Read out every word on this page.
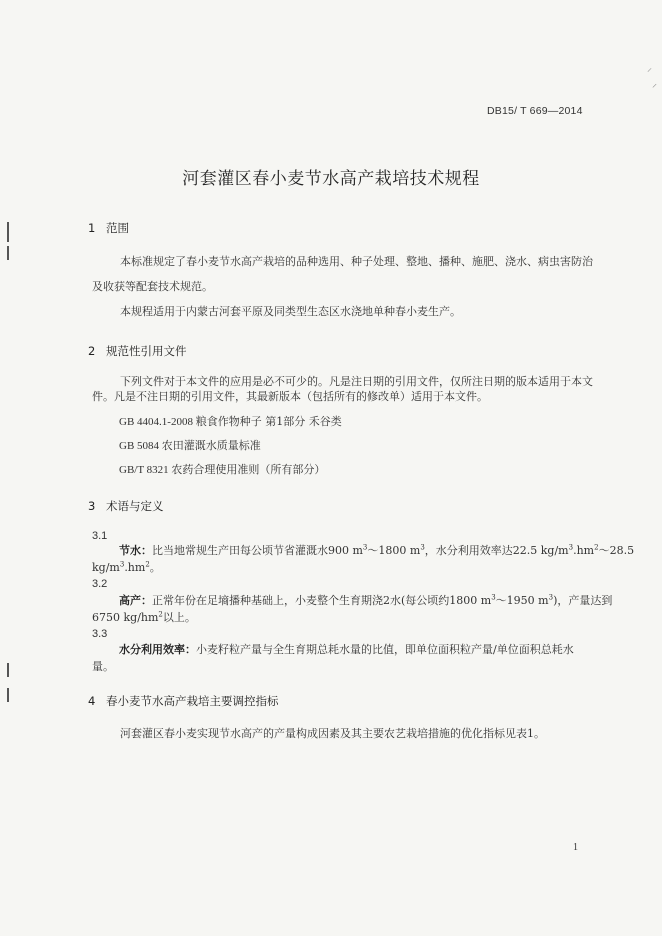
⸝
⸍
DB15/ T 669—2014
河套灌区春小麦节水高产栽培技术规程
1 范围
本标准规定了春小麦节水高产栽培的品种选用、种子处理、整地、播种、施肥、浇水、病虫害防治
及收获等配套技术规范。
本规程适用于内蒙古河套平原及同类型生态区水浇地单种春小麦生产。
2 规范性引用文件
下列文件对于本文件的应用是必不可少的。凡是注日期的引用文件，仅所注日期的版本适用于本文
件。凡是不注日期的引用文件，其最新版本（包括所有的修改单）适用于本文件。
GB 4404.1-2008 粮食作物种子 第1部分 禾谷类
GB 5084 农田灌溉水质量标准
GB/T 8321 农药合理使用准则（所有部分）
3 术语与定义
3.1
节水：比当地常规生产田每公顷节省灌溉水900 $m^3\sim 1800$ $m^3$，水分利用效率达22.5 $kg/m^3.hm^2\sim 28.5$
$kg/m^3.hm^2$。
3.2
高产：正常年份在足墒播种基础上，小麦整个生育期浇2水(每公顷约1800 $m^3\sim 1950$ $m^3$)，产量达到
6750 $kg/hm^2$以上。
3.3
水分利用效率：小麦籽粒产量与全生育期总耗水量的比值，即单位面积粒产量/单位面积总耗水
量。
4 春小麦节水高产栽培主要调控指标
河套灌区春小麦实现节水高产的产量构成因素及其主要农艺栽培措施的优化指标见表1。
1
